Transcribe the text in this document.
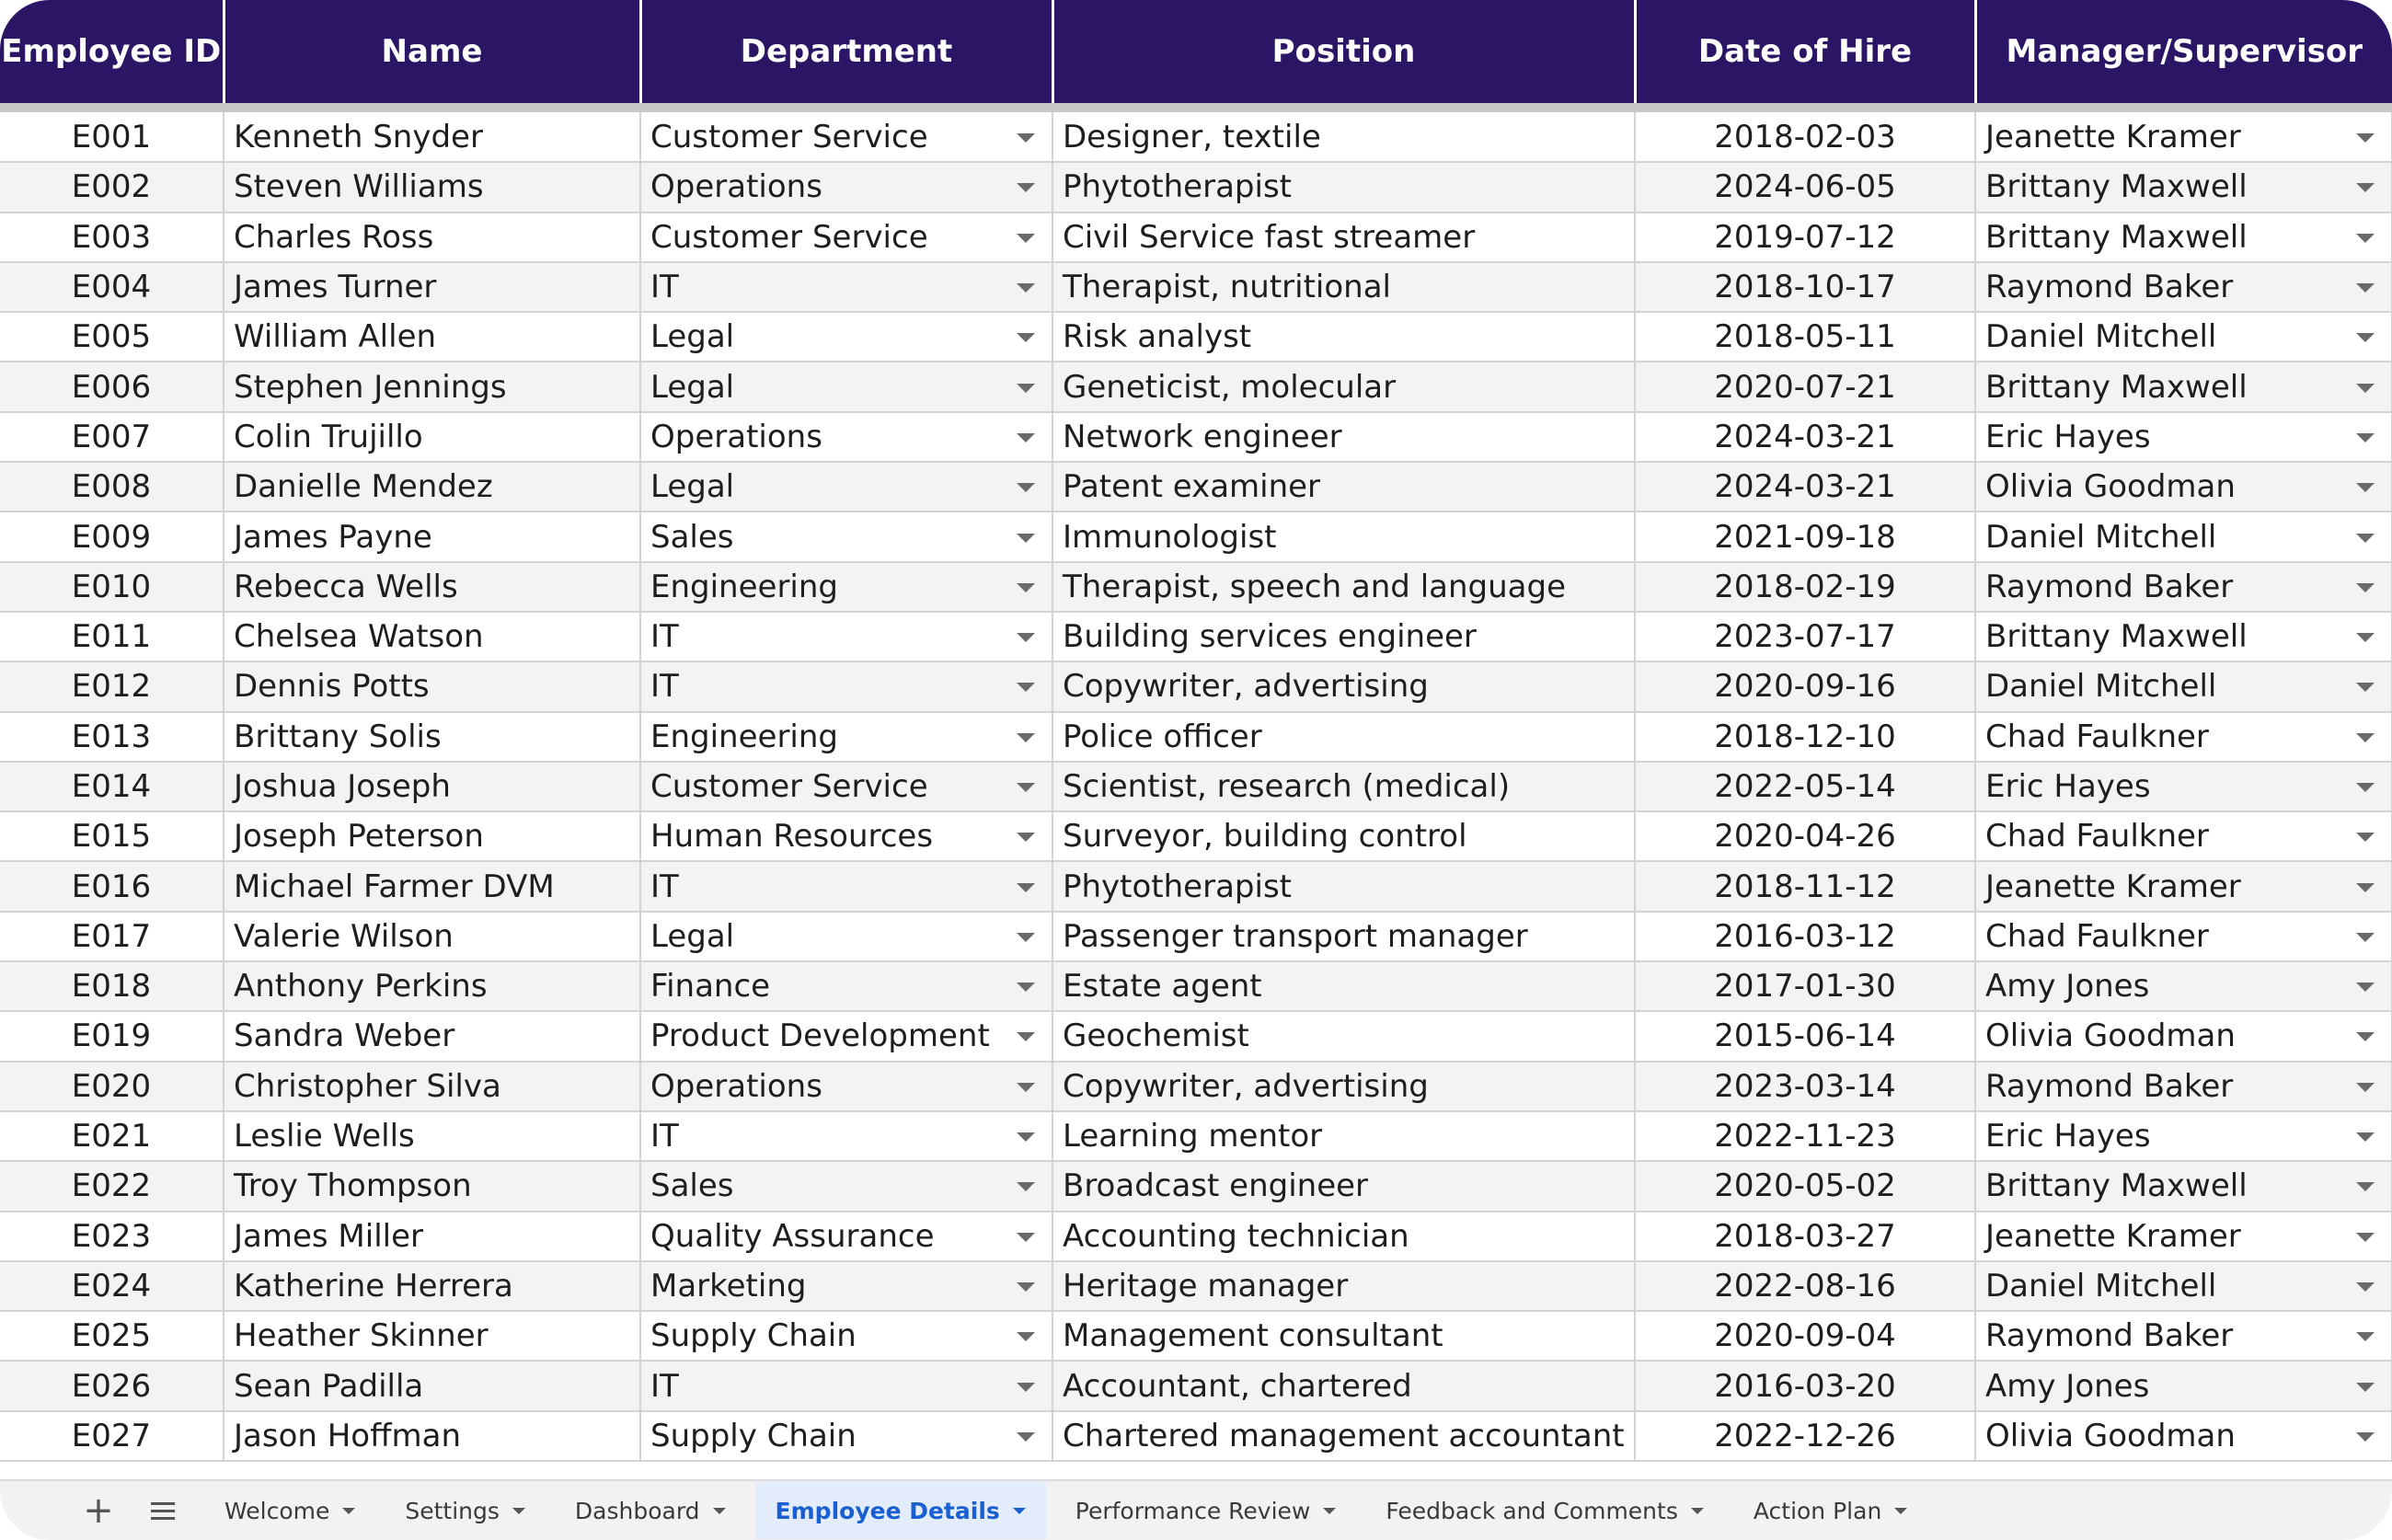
Employee ID	Name	Department	Position	Date of Hire	Manager/Supervisor

E001	Kenneth Snyder	Customer Service	Designer, textile	2018-02-03	Jeanette Kramer

E002	Steven Williams	Operations	Phytotherapist	2024-06-05	Brittany Maxwell

E003	Charles Ross	Customer Service	Civil Service fast streamer	2019-07-12	Brittany Maxwell

E004	James Turner	IT	Therapist, nutritional	2018-10-17	Raymond Baker

E005	William Allen	Legal	Risk analyst	2018-05-11	Daniel Mitchell

E006	Stephen Jennings	Legal	Geneticist, molecular	2020-07-21	Brittany Maxwell

E007	Colin Trujillo	Operations	Network engineer	2024-03-21	Eric Hayes

E008	Danielle Mendez	Legal	Patent examiner	2024-03-21	Olivia Goodman

E009	James Payne	Sales	Immunologist	2021-09-18	Daniel Mitchell

E010	Rebecca Wells	Engineering	Therapist, speech and language	2018-02-19	Raymond Baker

E011	Chelsea Watson	IT	Building services engineer	2023-07-17	Brittany Maxwell

E012	Dennis Potts	IT	Copywriter, advertising	2020-09-16	Daniel Mitchell

E013	Brittany Solis	Engineering	Police officer	2018-12-10	Chad Faulkner

E014	Joshua Joseph	Customer Service	Scientist, research (medical)	2022-05-14	Eric Hayes

E015	Joseph Peterson	Human Resources	Surveyor, building control	2020-04-26	Chad Faulkner

E016	Michael Farmer DVM	IT	Phytotherapist	2018-11-12	Jeanette Kramer

E017	Valerie Wilson	Legal	Passenger transport manager	2016-03-12	Chad Faulkner

E018	Anthony Perkins	Finance	Estate agent	2017-01-30	Amy Jones

E019	Sandra Weber	Product Development	Geochemist	2015-06-14	Olivia Goodman

E020	Christopher Silva	Operations	Copywriter, advertising	2023-03-14	Raymond Baker

E021	Leslie Wells	IT	Learning mentor	2022-11-23	Eric Hayes

E022	Troy Thompson	Sales	Broadcast engineer	2020-05-02	Brittany Maxwell

E023	James Miller	Quality Assurance	Accounting technician	2018-03-27	Jeanette Kramer

E024	Katherine Herrera	Marketing	Heritage manager	2022-08-16	Daniel Mitchell

E025	Heather Skinner	Supply Chain	Management consultant	2020-09-04	Raymond Baker

E026	Sean Padilla	IT	Accountant, chartered	2016-03-20	Amy Jones

E027	Jason Hoffman	Supply Chain	Chartered management accountant	2022-12-26	Olivia Goodman
+	Welcome	Settings	Dashboard	Employee Details	Performance Review	Feedback and Comments	Action Plan
